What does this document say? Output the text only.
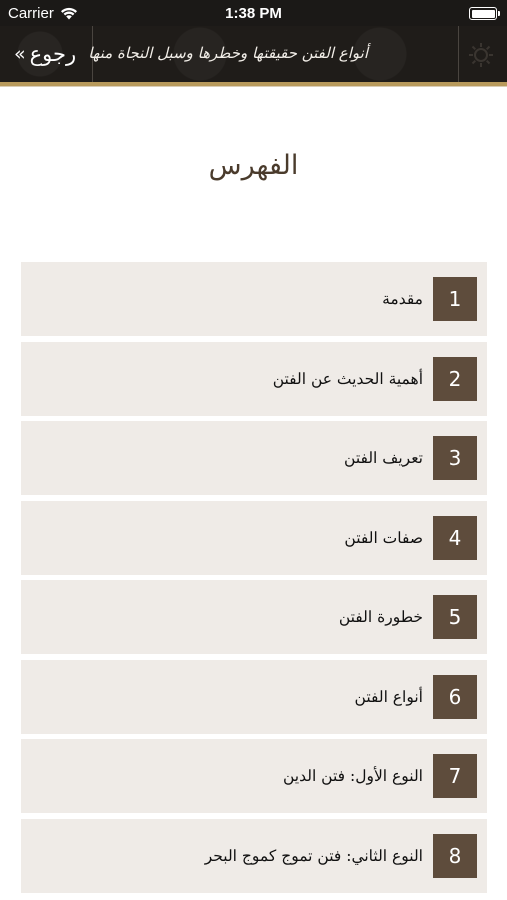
Carrier	1:38 PM
« رجوع أنواع الفتن حقيقتها وخطرها وسبل النجاة منها
الفهرس
1
مقدمة
2
أهمية الحديث عن الفتن
3
تعريف الفتن
4
صفات الفتن
5
خطورة الفتن
6
أنواع الفتن
7
النوع الأول: فتن الدين
8
النوع الثاني: فتن تموج كموج البحر
